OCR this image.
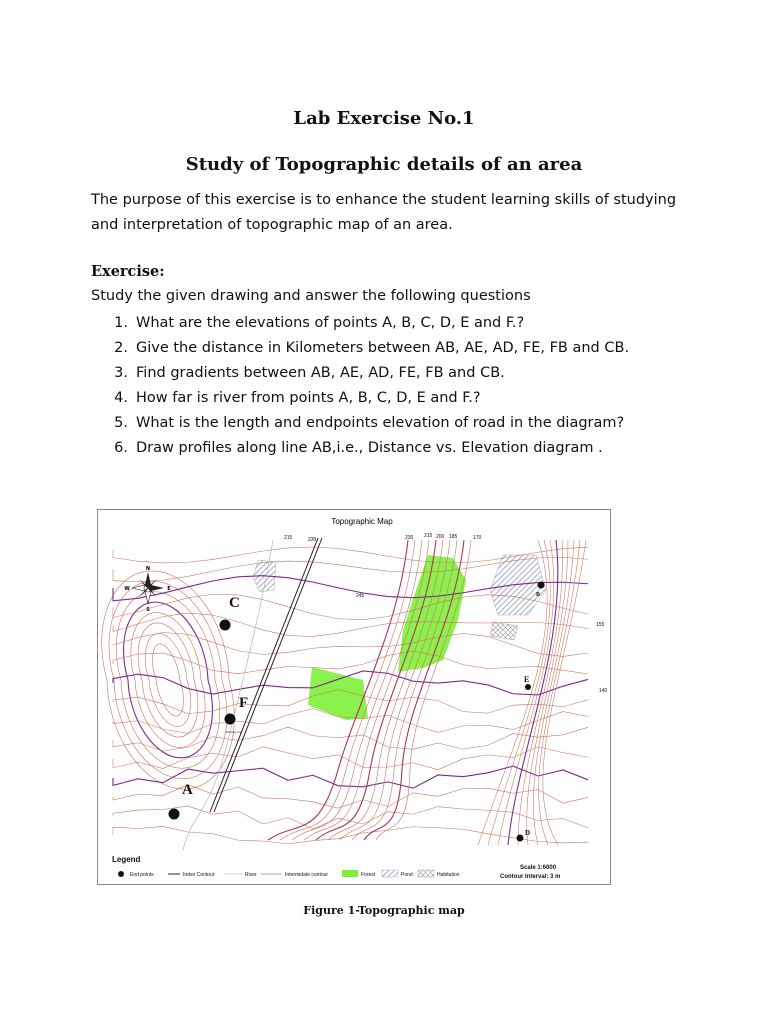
Lab Exercise No.1
Study of Topographic details of an area
The purpose of this exercise is to enhance the student learning skills of studying and interpretation of topographic map of an area.
Exercise:
Study the given drawing and answer the following questions
1. What are the elevations of points A, B, C, D, E and F.?
2. Give the distance in Kilometers between AB, AE, AD, FE, FB and CB.
3. Find gradients between AB, AE, AD, FE, FB and CB.
4. How far is river from points A, B, C, D, E and F.?
5. What is the length and endpoints elevation of road in the diagram?
6. Draw profiles along line AB,i.e., Distance vs. Elevation diagram .
Topographic Map
215	230	230 215 200 185	170
245
155
140
N
S
E
W
C
F
Existing road
A
B
E
D
Legend
End points	Index Contour	River	Intermidate contour	Forest	Pond	Habitation
Scale 1:6000
Contour Interval: 3 m
Figure 1-Topographic map
